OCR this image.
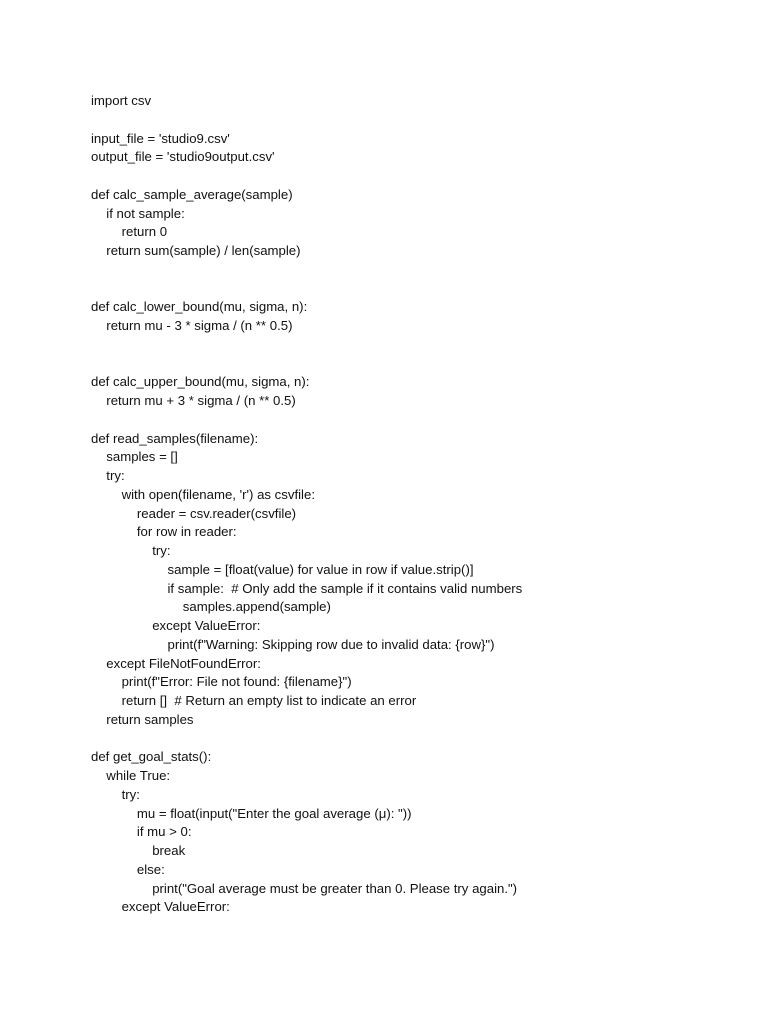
import csv
input_file = 'studio9.csv'
output_file = 'studio9output.csv'
def calc_sample_average(sample)
if not sample:
return 0
return sum(sample) / len(sample)
def calc_lower_bound(mu, sigma, n):
return mu - 3 * sigma / (n ** 0.5)
def calc_upper_bound(mu, sigma, n):
return mu + 3 * sigma / (n ** 0.5)
def read_samples(filename):
samples = []
try:
with open(filename, 'r') as csvfile:
reader = csv.reader(csvfile)
for row in reader:
try:
sample = [float(value) for value in row if value.strip()]
if sample:  # Only add the sample if it contains valid numbers
samples.append(sample)
except ValueError:
print(f"Warning: Skipping row due to invalid data: {row}")
except FileNotFoundError:
print(f"Error: File not found: {filename}")
return []  # Return an empty list to indicate an error
return samples
def get_goal_stats():
while True:
try:
mu = float(input("Enter the goal average (μ): "))
if mu > 0:
break
else:
print("Goal average must be greater than 0. Please try again.")
except ValueError:
